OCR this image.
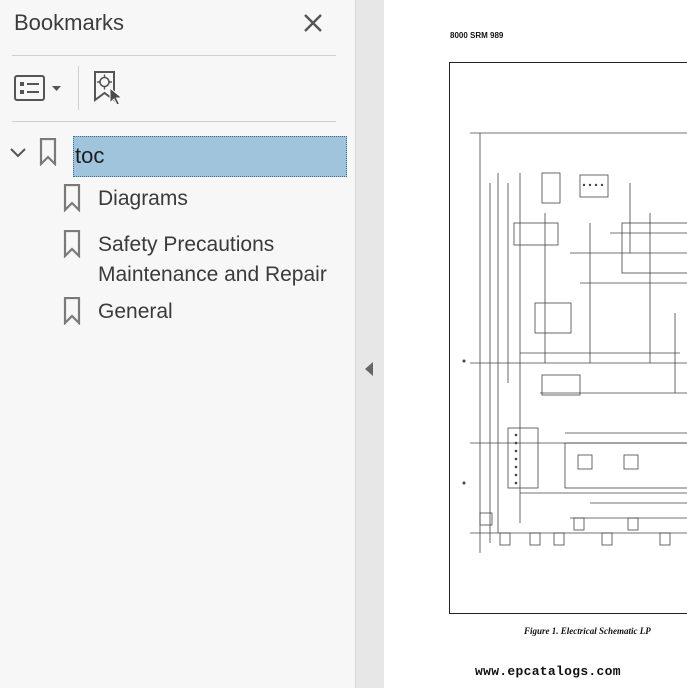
Bookmarks
toc
Diagrams
Safety Precautions
Maintenance and Repair
General
8000 SRM 989
Figure 1. Electrical Schematic LP
www.epcatalogs.com
